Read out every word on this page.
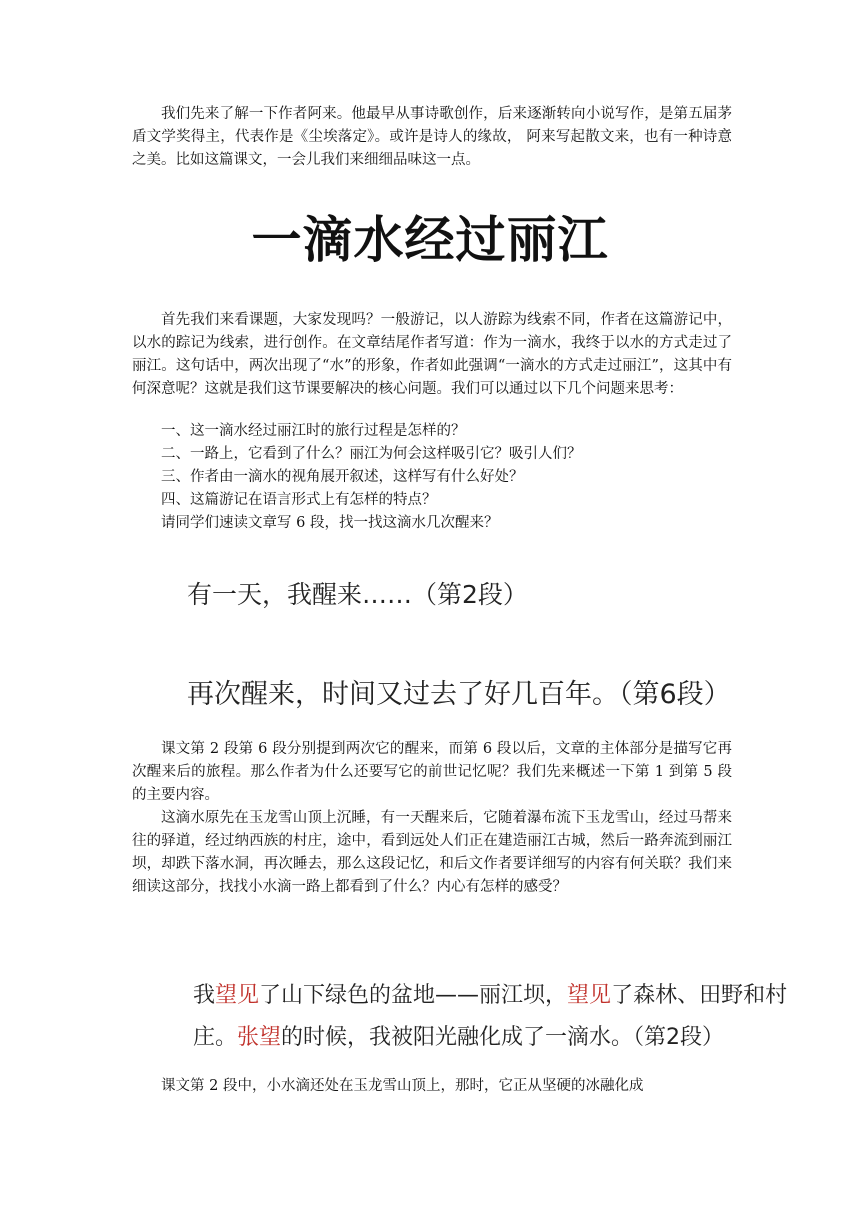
我们先来了解一下作者阿来。他最早从事诗歌创作，后来逐渐转向小说写作，是第五届茅盾文学奖得主，代表作是《尘埃落定》。或许是诗人的缘故， 阿来写起散文来，也有一种诗意之美。比如这篇课文，一会儿我们来细细品味这一点。

一滴水经过丽江

首先我们来看课题，大家发现吗？一般游记，以人游踪为线索不同，作者在这篇游记中，以水的踪记为线索，进行创作。在文章结尾作者写道：作为一滴水，我终于以水的方式走过了丽江。这句话中，两次出现了“水”的形象，作者如此强调“一滴水的方式走过丽江”，这其中有何深意呢？这就是我们这节课要解决的核心问题。我们可以通过以下几个问题来思考：

一、这一滴水经过丽江时的旅行过程是怎样的？

二、一路上，它看到了什么？丽江为何会这样吸引它？吸引人们？

三、作者由一滴水的视角展开叙述，这样写有什么好处？

四、这篇游记在语言形式上有怎样的特点？

请同学们速读文章写 6 段，找一找这滴水几次醒来？

有一天，我醒来……（第2段）

再次醒来，时间又过去了好几百年。（第6段）

课文第 2 段第 6 段分别提到两次它的醒来，而第 6 段以后，文章的主体部分是描写它再次醒来后的旅程。那么作者为什么还要写它的前世记忆呢？我们先来概述一下第 1 到第 5 段的主要内容。

这滴水原先在玉龙雪山顶上沉睡，有一天醒来后，它随着瀑布流下玉龙雪山，经过马帮来往的驿道，经过纳西族的村庄，途中，看到远处人们正在建造丽江古城，然后一路奔流到丽江坝，却跌下落水洞，再次睡去，那么这段记忆，和后文作者要详细写的内容有何关联？我们来细读这部分，找找小水滴一路上都看到了什么？内心有怎样的感受？

我望见了山下绿色的盆地——丽江坝，望见了森林、田野和村
庄。张望的时候，我被阳光融化成了一滴水。（第2段）

课文第 2 段中，小水滴还处在玉龙雪山顶上，那时，它正从坚硬的冰融化成
